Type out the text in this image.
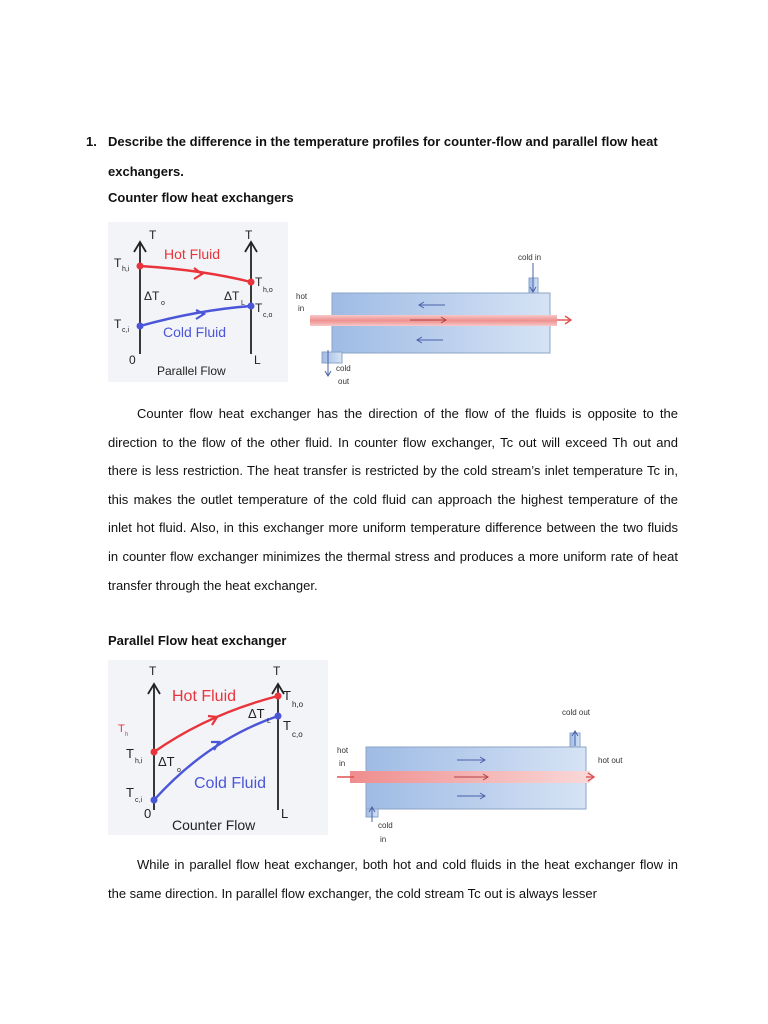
1. Describe the difference in the temperature profiles for counter-flow and parallel flow heat exchangers.
Counter flow heat exchangers
T	T
Hot Fluid
Cold Fluid
T h,i
T c,i
T
h,o
T
c,o
ΔT
o
ΔT
L
0	L
Parallel Flow
cold in
hot
in
cold
out
Counter flow heat exchanger has the direction of the flow of the fluids is opposite to the direction to the flow of the other fluid. In counter flow exchanger, Tc out will exceed Th out and there is less restriction. The heat transfer is restricted by the cold stream’s inlet temperature Tc in, this makes the outlet temperature of the cold fluid can approach the highest temperature of the inlet hot fluid. Also, in this exchanger more uniform temperature difference between the two fluids in counter flow exchanger minimizes the thermal stress and produces a more uniform rate of heat transfer through the heat exchanger.
Parallel Flow heat exchanger
T	T
Hot Fluid
Cold Fluid
T h
T
h,i
T
c,i
T
h,o
T
c,o
ΔT
o
ΔT
L
0	L
Counter Flow
cold out
hot
in	hot out
cold
in
While in parallel flow heat exchanger, both hot and cold fluids in the heat exchanger flow in the same direction. In parallel flow exchanger, the cold stream Tc out is always lesser
